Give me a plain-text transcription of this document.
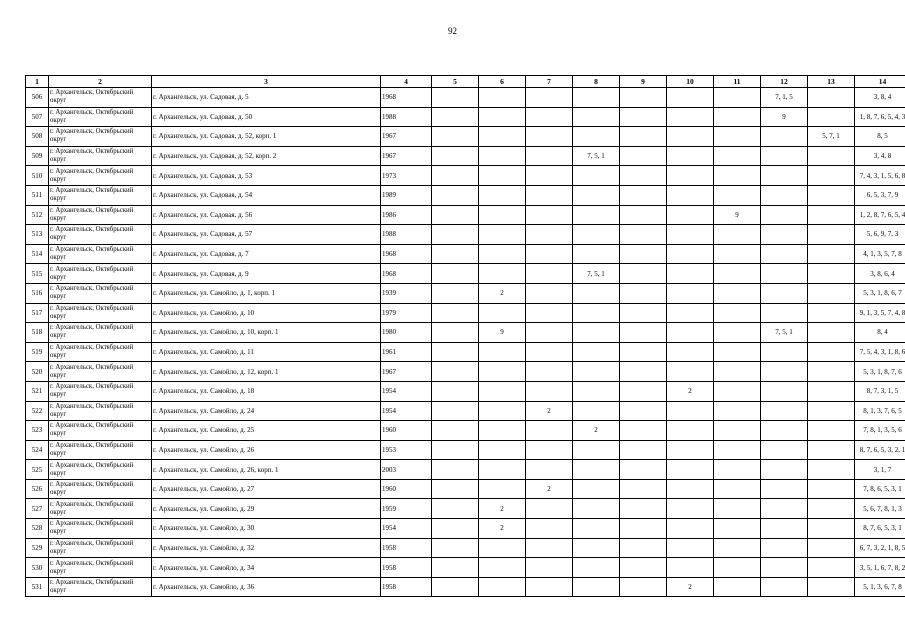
92
1	2	3	4	5	6	7	8	9	10	11	12	13	14
506	г. Архангельск, Октябрьский округ	г. Архангельск, ул. Садовая, д. 5	1968								7, 1, 5		3, 8, 4
507	г. Архангельск, Октябрьский округ	г. Архангельск, ул. Садовая, д. 50	1988								9		1, 8, 7, 6, 5, 4, 3
508	г. Архангельск, Октябрьский округ	г. Архангельск, ул. Садовая, д. 52, корп. 1	1967									5, 7, 1	8, 5
509	г. Архангельск, Октябрьский округ	г. Архангельск, ул. Садовая, д. 52, корп. 2	1967				7, 5, 1						3, 4, 8
510	г. Архангельск, Октябрьский округ	г. Архангельск, ул. Садовая, д. 53	1973										7, 4, 3, 1, 5, 6, 8
511	г. Архангельск, Октябрьский округ	г. Архангельск, ул. Садовая, д. 54	1989										6, 5, 3, 7, 9
512	г. Архангельск, Октябрьский округ	г. Архангельск, ул. Садовая, д. 56	1986							9			1, 2, 8, 7, 6, 5, 4
513	г. Архангельск, Октябрьский округ	г. Архангельск, ул. Садовая, д. 57	1988										5, 6, 9, 7, 3
514	г. Архангельск, Октябрьский округ	г. Архангельск, ул. Садовая, д. 7	1968										4, 1, 3, 5, 7, 8
515	г. Архангельск, Октябрьский округ	г. Архангельск, ул. Садовая, д. 9	1968				7, 5, 1						3, 8, 6, 4
516	г. Архангельск, Октябрьский округ	г. Архангельск, ул. Самойло, д. 1, корп. 1	1939		2								5, 3, 1, 8, 6, 7
517	г. Архангельск, Октябрьский округ	г. Архангельск, ул. Самойло, д. 10	1979										9, 1, 3, 5, 7, 4, 8
518	г. Архангельск, Октябрьский округ	г. Архангельск, ул. Самойло, д. 10, корп. 1	1980		9						7, 5, 1		8, 4
519	г. Архангельск, Октябрьский округ	г. Архангельск, ул. Самойло, д. 11	1961										7, 5, 4, 3, 1, 8, 6
520	г. Архангельск, Октябрьский округ	г. Архангельск, ул. Самойло, д. 12, корп. 1	1967										5, 3, 1, 8, 7, 6
521	г. Архангельск, Октябрьский округ	г. Архангельск, ул. Самойло, д. 18	1954						2				8, 7, 3, 1, 5
522	г. Архангельск, Октябрьский округ	г. Архангельск, ул. Самойло, д. 24	1954			2							8, 1, 3, 7, 6, 5
523	г. Архангельск, Октябрьский округ	г. Архангельск, ул. Самойло, д. 25	1960				2						7, 8, 1, 3, 5, 6
524	г. Архангельск, Октябрьский округ	г. Архангельск, ул. Самойло, д. 26	1953										8, 7, 6, 5, 3, 2, 1
525	г. Архангельск, Октябрьский округ	г. Архангельск, ул. Самойло, д. 26, корп. 1	2003										3, 1, 7
526	г. Архангельск, Октябрьский округ	г. Архангельск, ул. Самойло, д. 27	1960			2							7, 8, 6, 5, 3, 1
527	г. Архангельск, Октябрьский округ	г. Архангельск, ул. Самойло, д. 29	1959		2								5, 6, 7, 8, 1, 3
528	г. Архангельск, Октябрьский округ	г. Архангельск, ул. Самойло, д. 30	1954		2								8, 7, 6, 5, 3, 1
529	г. Архангельск, Октябрьский округ	г. Архангельск, ул. Самойло, д. 32	1958										6, 7, 3, 2, 1, 8, 5
530	г. Архангельск, Октябрьский округ	г. Архангельск, ул. Самойло, д. 34	1958										3, 5, 1, 6, 7, 8, 2
531	г. Архангельск, Октябрьский округ	г. Архангельск, ул. Самойло, д. 36	1958						2				5, 1, 3, 6, 7, 8
